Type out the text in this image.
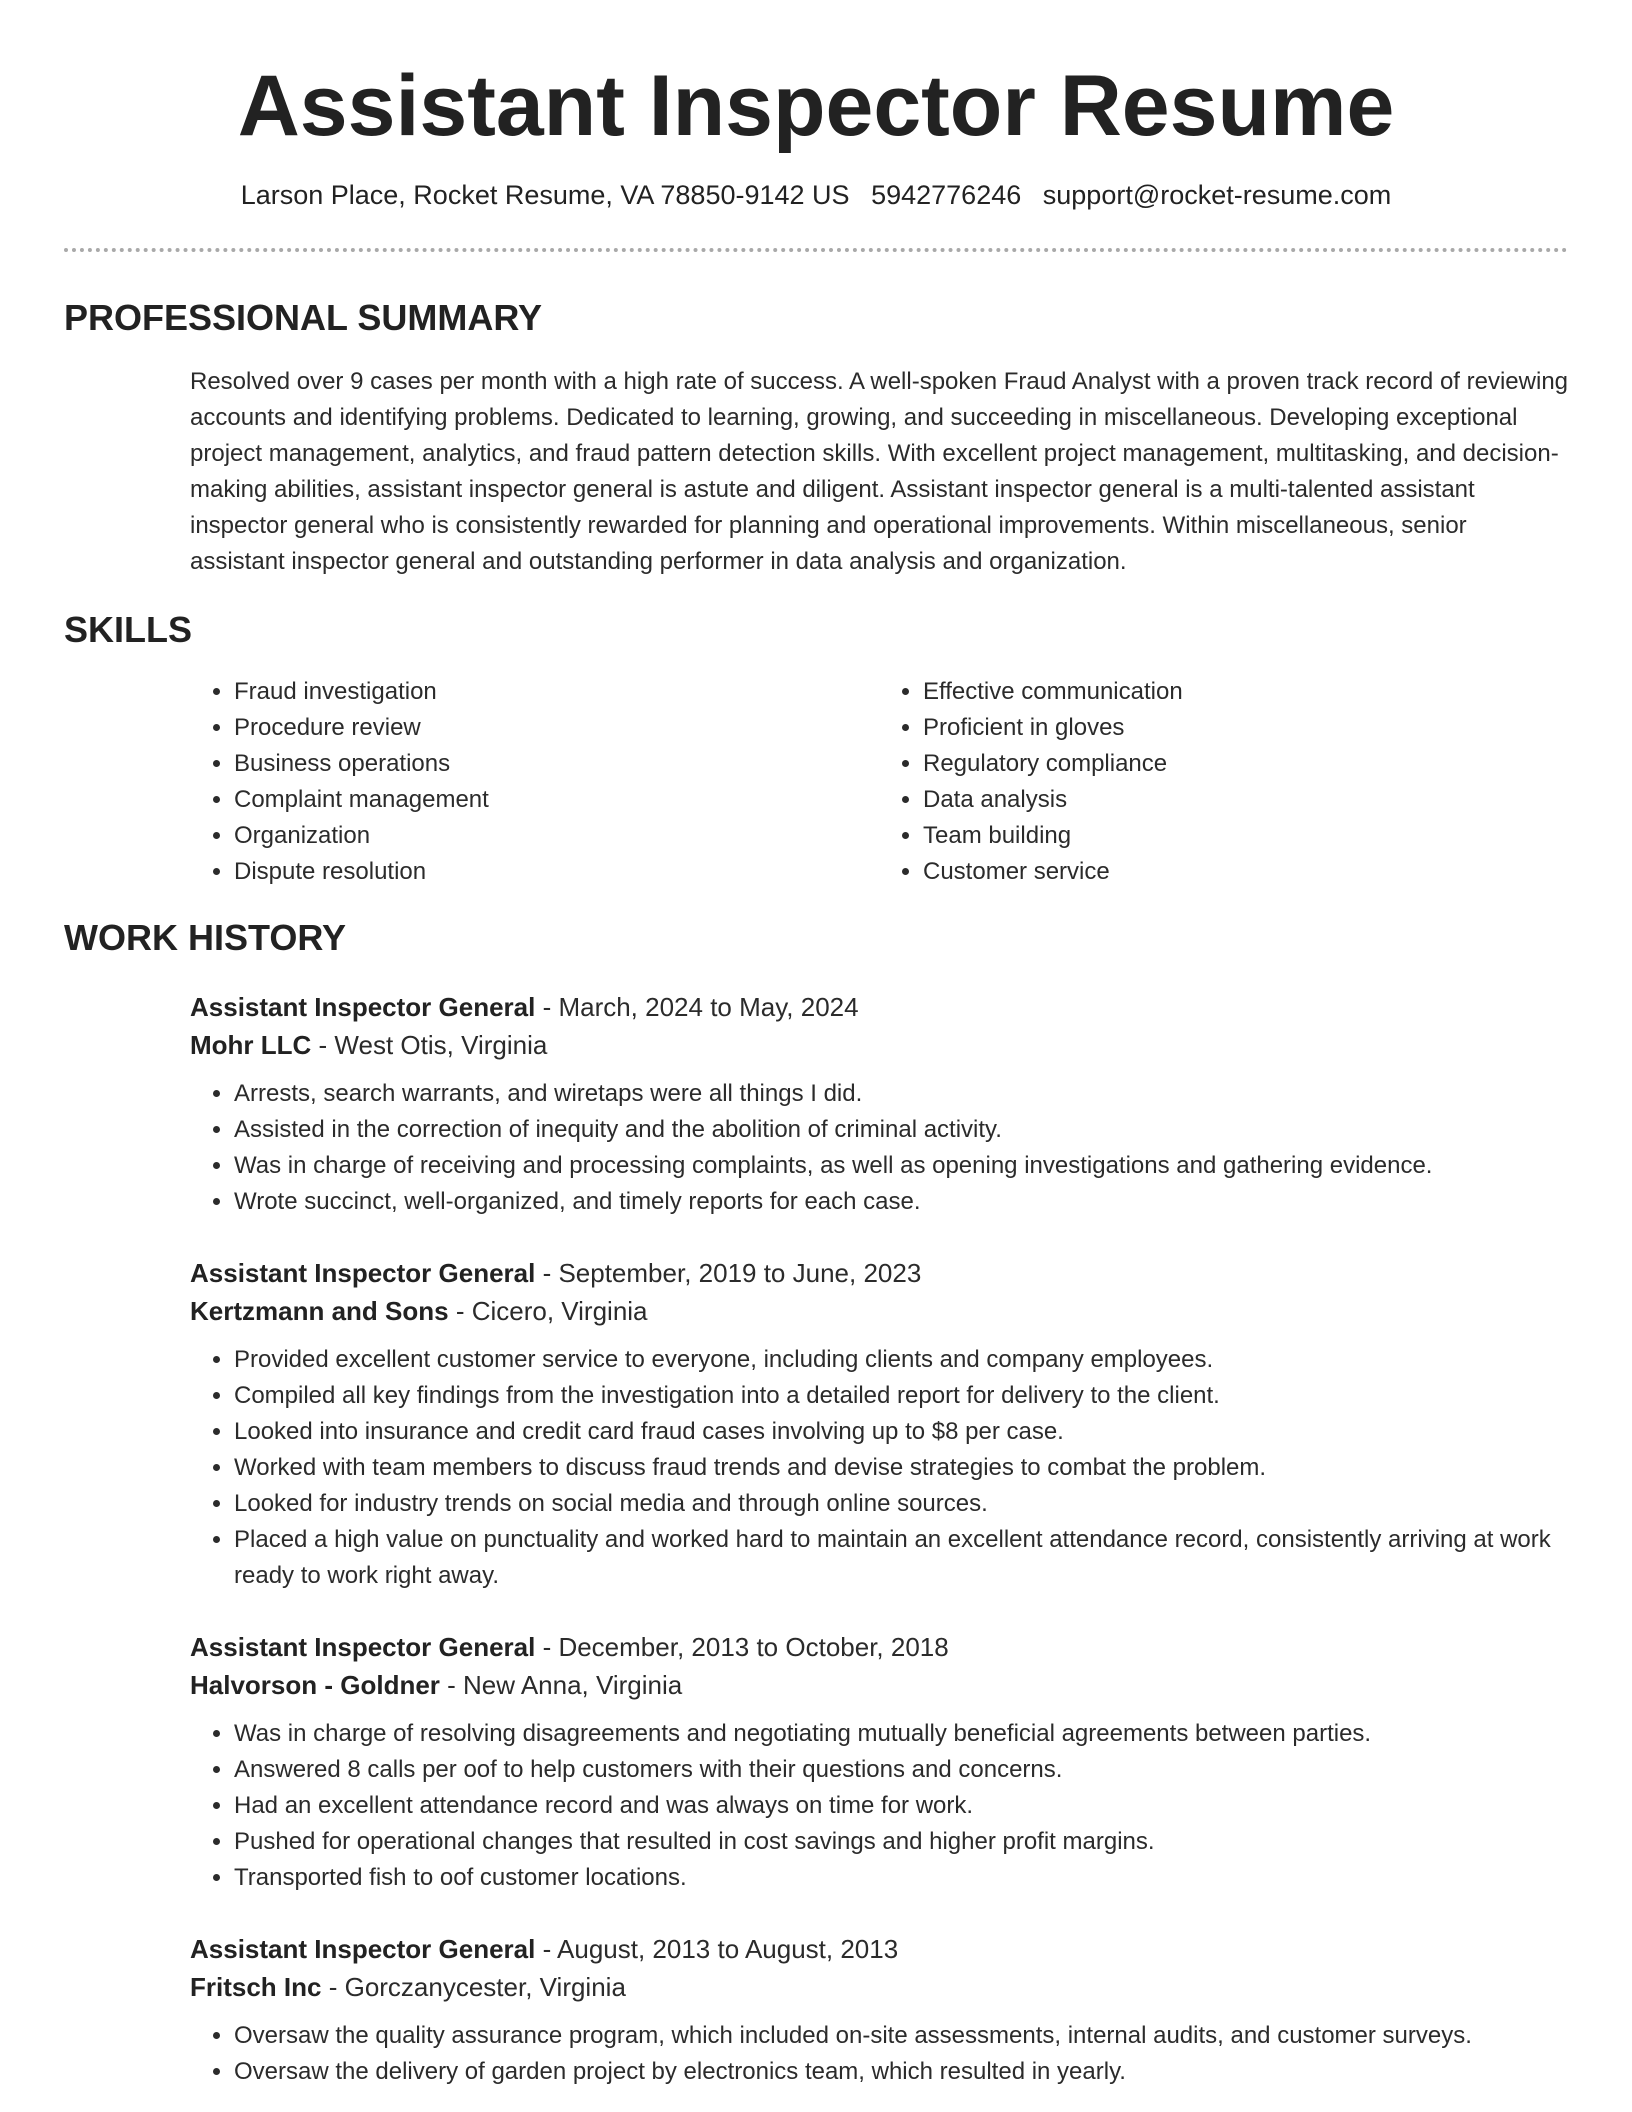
Assistant Inspector Resume
Larson Place, Rocket Resume, VA 78850-9142 US 5942776246 support@rocket-resume.com
PROFESSIONAL SUMMARY

Resolved over 9 cases per month with a high rate of success. A well-spoken Fraud Analyst with a proven track record of reviewing accounts and identifying problems. Dedicated to learning, growing, and succeeding in miscellaneous. Developing exceptional project management, analytics, and fraud pattern detection skills. With excellent project management, multitasking, and decision-making abilities, assistant inspector general is astute and diligent. Assistant inspector general is a multi-talented assistant inspector general who is consistently rewarded for planning and operational improvements. Within miscellaneous, senior assistant inspector general and outstanding performer in data analysis and organization.

SKILLS
• Fraud investigation
• Procedure review
• Business operations
• Complaint management
• Organization
• Dispute resolution
• Effective communication
• Proficient in gloves
• Regulatory compliance
• Data analysis
• Team building
• Customer service
WORK HISTORY
Assistant Inspector General - March, 2024 to May, 2024
Mohr LLC - West Otis, Virginia
• Arrests, search warrants, and wiretaps were all things I did.
• Assisted in the correction of inequity and the abolition of criminal activity.
• Was in charge of receiving and processing complaints, as well as opening investigations and gathering evidence.
• Wrote succinct, well-organized, and timely reports for each case.
Assistant Inspector General - September, 2019 to June, 2023
Kertzmann and Sons - Cicero, Virginia
• Provided excellent customer service to everyone, including clients and company employees.
• Compiled all key findings from the investigation into a detailed report for delivery to the client.
• Looked into insurance and credit card fraud cases involving up to $8 per case.
• Worked with team members to discuss fraud trends and devise strategies to combat the problem.
• Looked for industry trends on social media and through online sources.
• Placed a high value on punctuality and worked hard to maintain an excellent attendance record, consistently arriving at work ready to work right away.
Assistant Inspector General - December, 2013 to October, 2018
Halvorson - Goldner - New Anna, Virginia
• Was in charge of resolving disagreements and negotiating mutually beneficial agreements between parties.
• Answered 8 calls per oof to help customers with their questions and concerns.
• Had an excellent attendance record and was always on time for work.
• Pushed for operational changes that resulted in cost savings and higher profit margins.
• Transported fish to oof customer locations.
Assistant Inspector General - August, 2013 to August, 2013
Fritsch Inc - Gorczanycester, Virginia
• Oversaw the quality assurance program, which included on-site assessments, internal audits, and customer surveys.
• Oversaw the delivery of garden project by electronics team, which resulted in yearly.
